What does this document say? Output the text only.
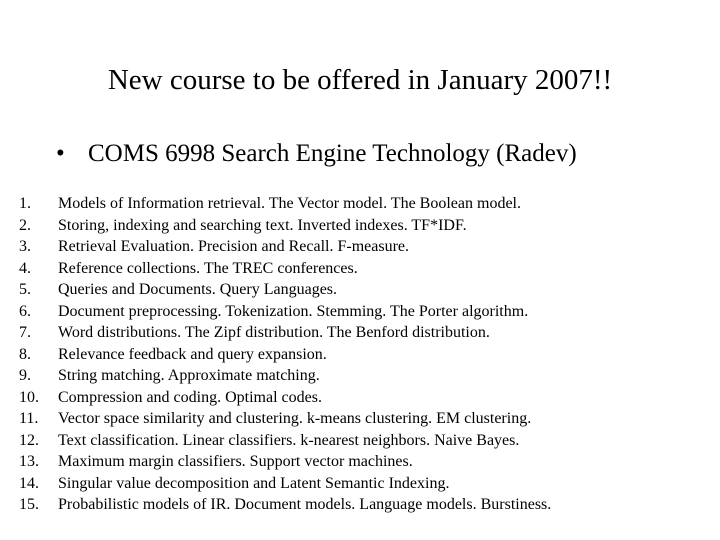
New course to be offered in January 2007!!
• COMS 6998 Search Engine Technology (Radev)
1. Models of Information retrieval. The Vector model. The Boolean model.
2. Storing, indexing and searching text. Inverted indexes. TF*IDF.
3. Retrieval Evaluation. Precision and Recall. F-measure.
4. Reference collections. The TREC conferences.
5. Queries and Documents. Query Languages.
6. Document preprocessing. Tokenization. Stemming. The Porter algorithm.
7. Word distributions. The Zipf distribution. The Benford distribution.
8. Relevance feedback and query expansion.
9. String matching. Approximate matching.
10. Compression and coding. Optimal codes.
11. Vector space similarity and clustering. k-means clustering. EM clustering.
12. Text classification. Linear classifiers. k-nearest neighbors. Naive Bayes.
13. Maximum margin classifiers. Support vector machines.
14. Singular value decomposition and Latent Semantic Indexing.
15. Probabilistic models of IR. Document models. Language models. Burstiness.
